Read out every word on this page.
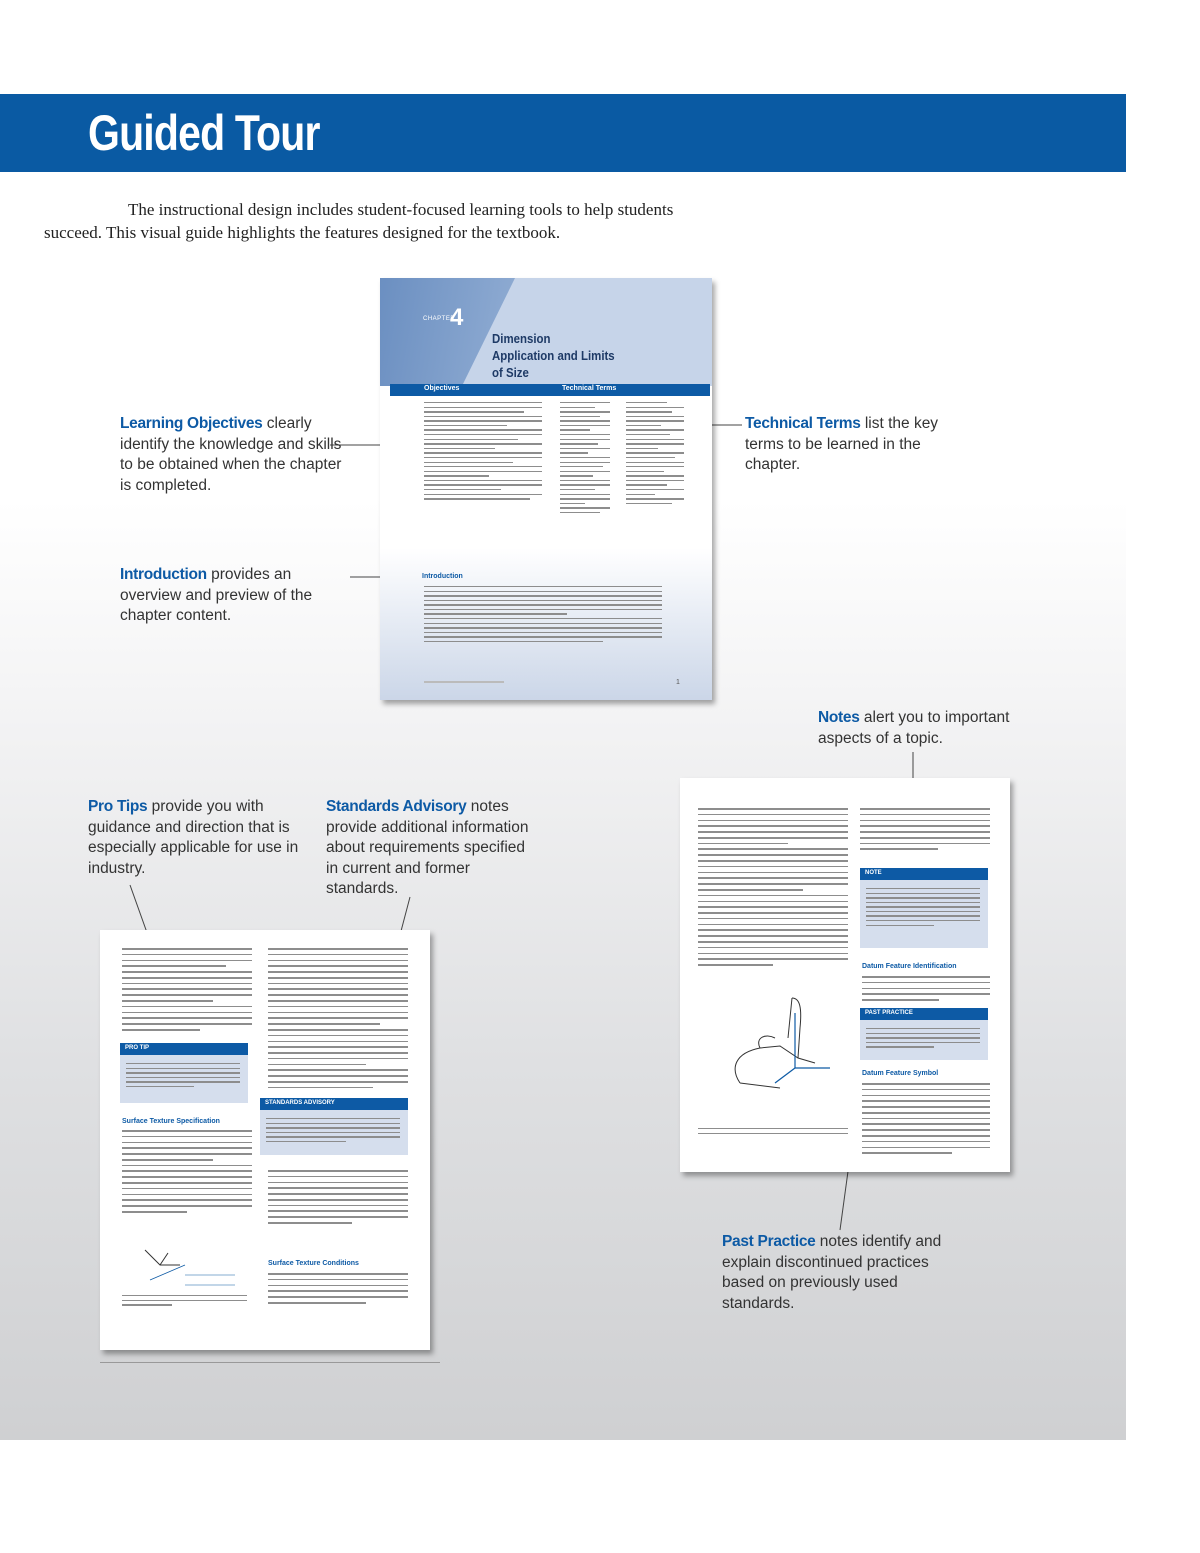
Guided Tour

The instructional design includes student-focused learning tools to help students
succeed. This visual guide highlights the features designed for the textbook.

Learning Objectives clearly identify the knowledge and skills to be obtained when the chapter is completed.
Technical Terms list the key terms to be learned in the chapter.
Introduction provides an overview and preview of the chapter content.
Notes alert you to important aspects of a topic.
Pro Tips provide you with guidance and direction that is especially applicable for use in industry.
Standards Advisory notes provide additional information about requirements specified in current and former standards.
Past Practice notes identify and explain discontinued practices based on previously used standards.
CHAPTER
4
Dimension Application and Limits of Size
Objectives	Technical Terms
Introduction
1
PRO TIP
Surface Texture Specification
STANDARDS ADVISORY
Surface Texture Conditions
NOTE
Datum Feature Identification
PAST PRACTICE
Datum Feature Symbol
